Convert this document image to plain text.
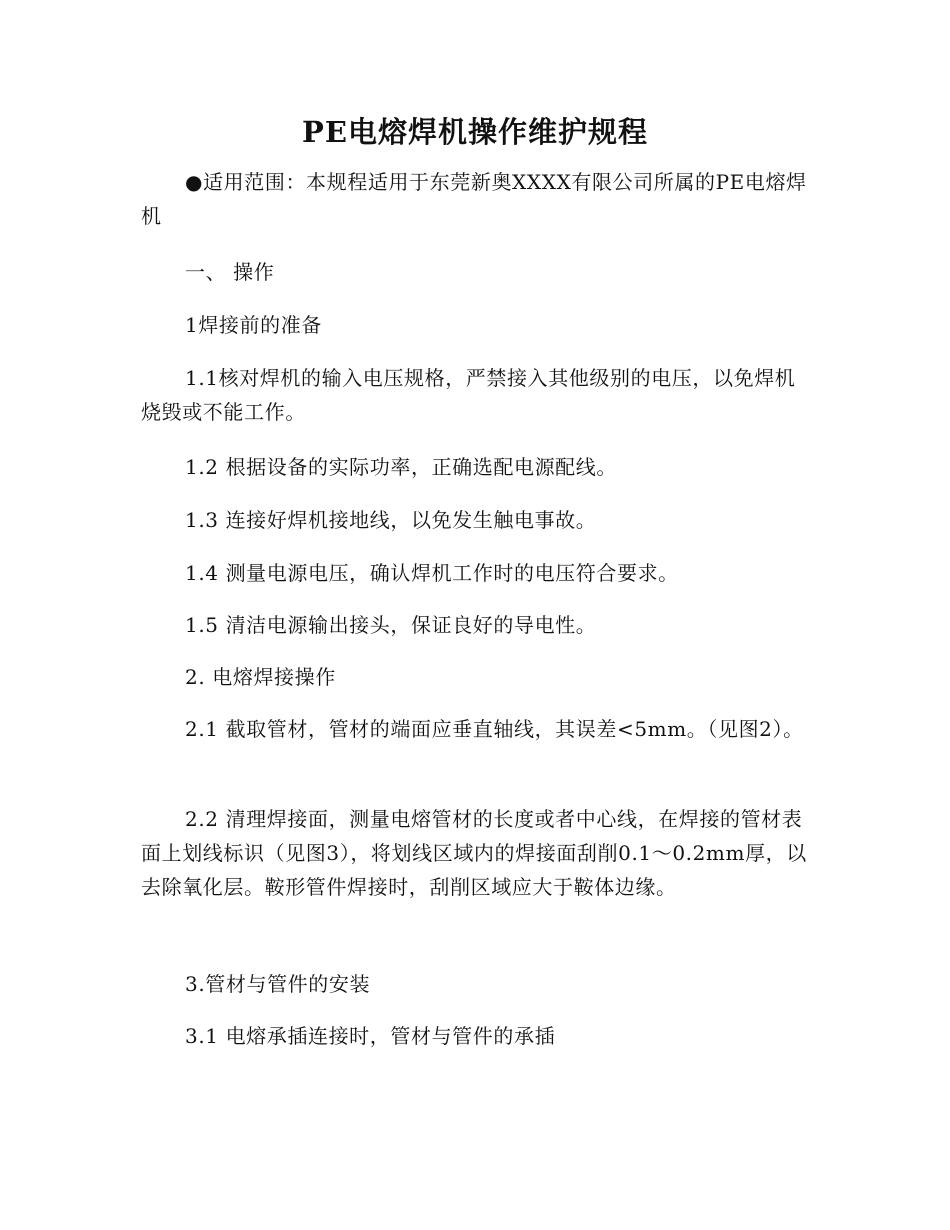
PE电熔焊机操作维护规程

●适用范围：本规程适用于东莞新奥XXXX有限公司所属的PE电熔焊机

一、 操作

1焊接前的准备

1.1核对焊机的输入电压规格，严禁接入其他级别的电压，以免焊机烧毁或不能工作。

1.2 根据设备的实际功率，正确选配电源配线。

1.3 连接好焊机接地线，以免发生触电事故。

1.4 测量电源电压，确认焊机工作时的电压符合要求。

1.5 清洁电源输出接头，保证良好的导电性。

2. 电熔焊接操作

2.1 截取管材，管材的端面应垂直轴线，其误差<5mm。（见图2）。

2.2 清理焊接面，测量电熔管材的长度或者中心线，在焊接的管材表面上划线标识（见图3），将划线区域内的焊接面刮削0.1～0.2mm厚，以去除氧化层。鞍形管件焊接时，刮削区域应大于鞍体边缘。

3.管材与管件的安装

3.1 电熔承插连接时，管材与管件的承插
